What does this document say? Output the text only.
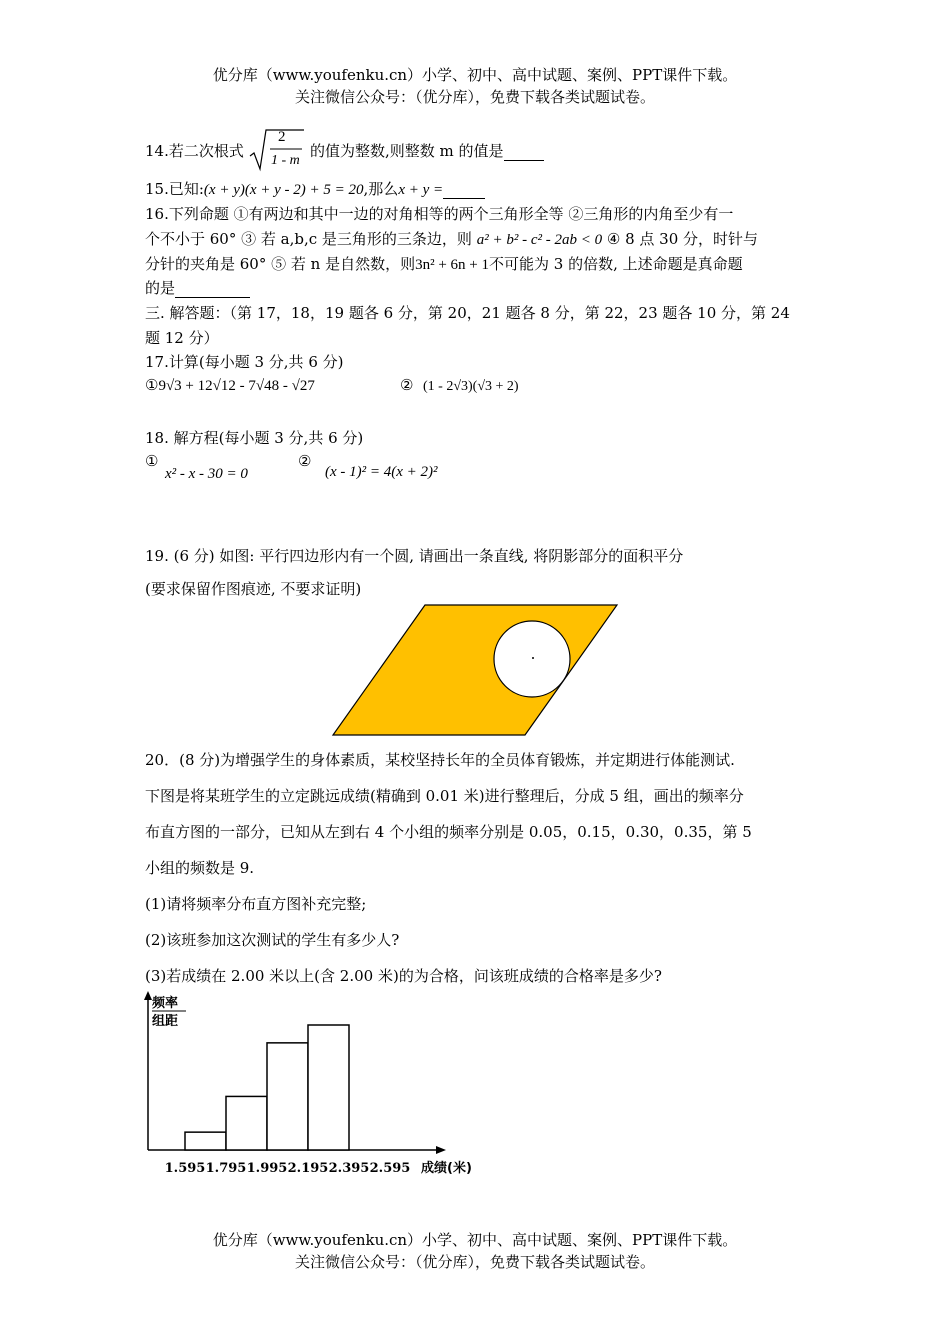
优分库（www.youfenku.cn）小学、初中、高中试题、案例、PPT课件下载。
关注微信公众号：（优分库），免费下载各类试题试卷。
14.若二次根式
2
1 - m
的值为整数,则整数 m 的值是
15.已知:(x + y)(x + y - 2) + 5 = 20,那么x + y =
16.下列命题 ①有两边和其中一边的对角相等的两个三角形全等 ②三角形的内角至少有一
个不小于 60° ③ 若 a,b,c 是三角形的三条边，则 a² + b² - c² - 2ab < 0 ④ 8 点 30 分，时针与
分针的夹角是 60° ⑤ 若 n 是自然数，则3n² + 6n + 1不可能为 3 的倍数, 上述命题是真命题
的是
三. 解答题：（第 17，18，19 题各 6 分，第 20，21 题各 8 分，第 22，23 题各 10 分，第 24
题 12 分）
17.计算(每小题 3 分,共 6 分)
①9√3 + 12√12 - 7√48 - √27	② (1 - 2√3)(√3 + 2)
18. 解方程(每小题 3 分,共 6 分)
①
x² - x - 30 = 0
②
(x - 1)² = 4(x + 2)²
19. (6 分) 如图: 平行四边形内有一个圆, 请画出一条直线, 将阴影部分的面积平分
(要求保留作图痕迹, 不要求证明)
20．(8 分)为增强学生的身体素质，某校坚持长年的全员体育锻炼，并定期进行体能测试.
下图是将某班学生的立定跳远成绩(精确到 0.01 米)进行整理后，分成 5 组，画出的频率分
布直方图的一部分，已知从左到右 4 个小组的频率分别是 0.05，0.15，0.30，0.35，第 5
小组的频数是 9.
(1)请将频率分布直方图补充完整;
(2)该班参加这次测试的学生有多少人?
(3)若成绩在 2.00 米以上(含 2.00 米)的为合格，问该班成绩的合格率是多少?
频率
组距
1.595 1.795 1.995 2.195 2.395 2.595 成绩(米)
优分库（www.youfenku.cn）小学、初中、高中试题、案例、PPT课件下载。
关注微信公众号：（优分库），免费下载各类试题试卷。
